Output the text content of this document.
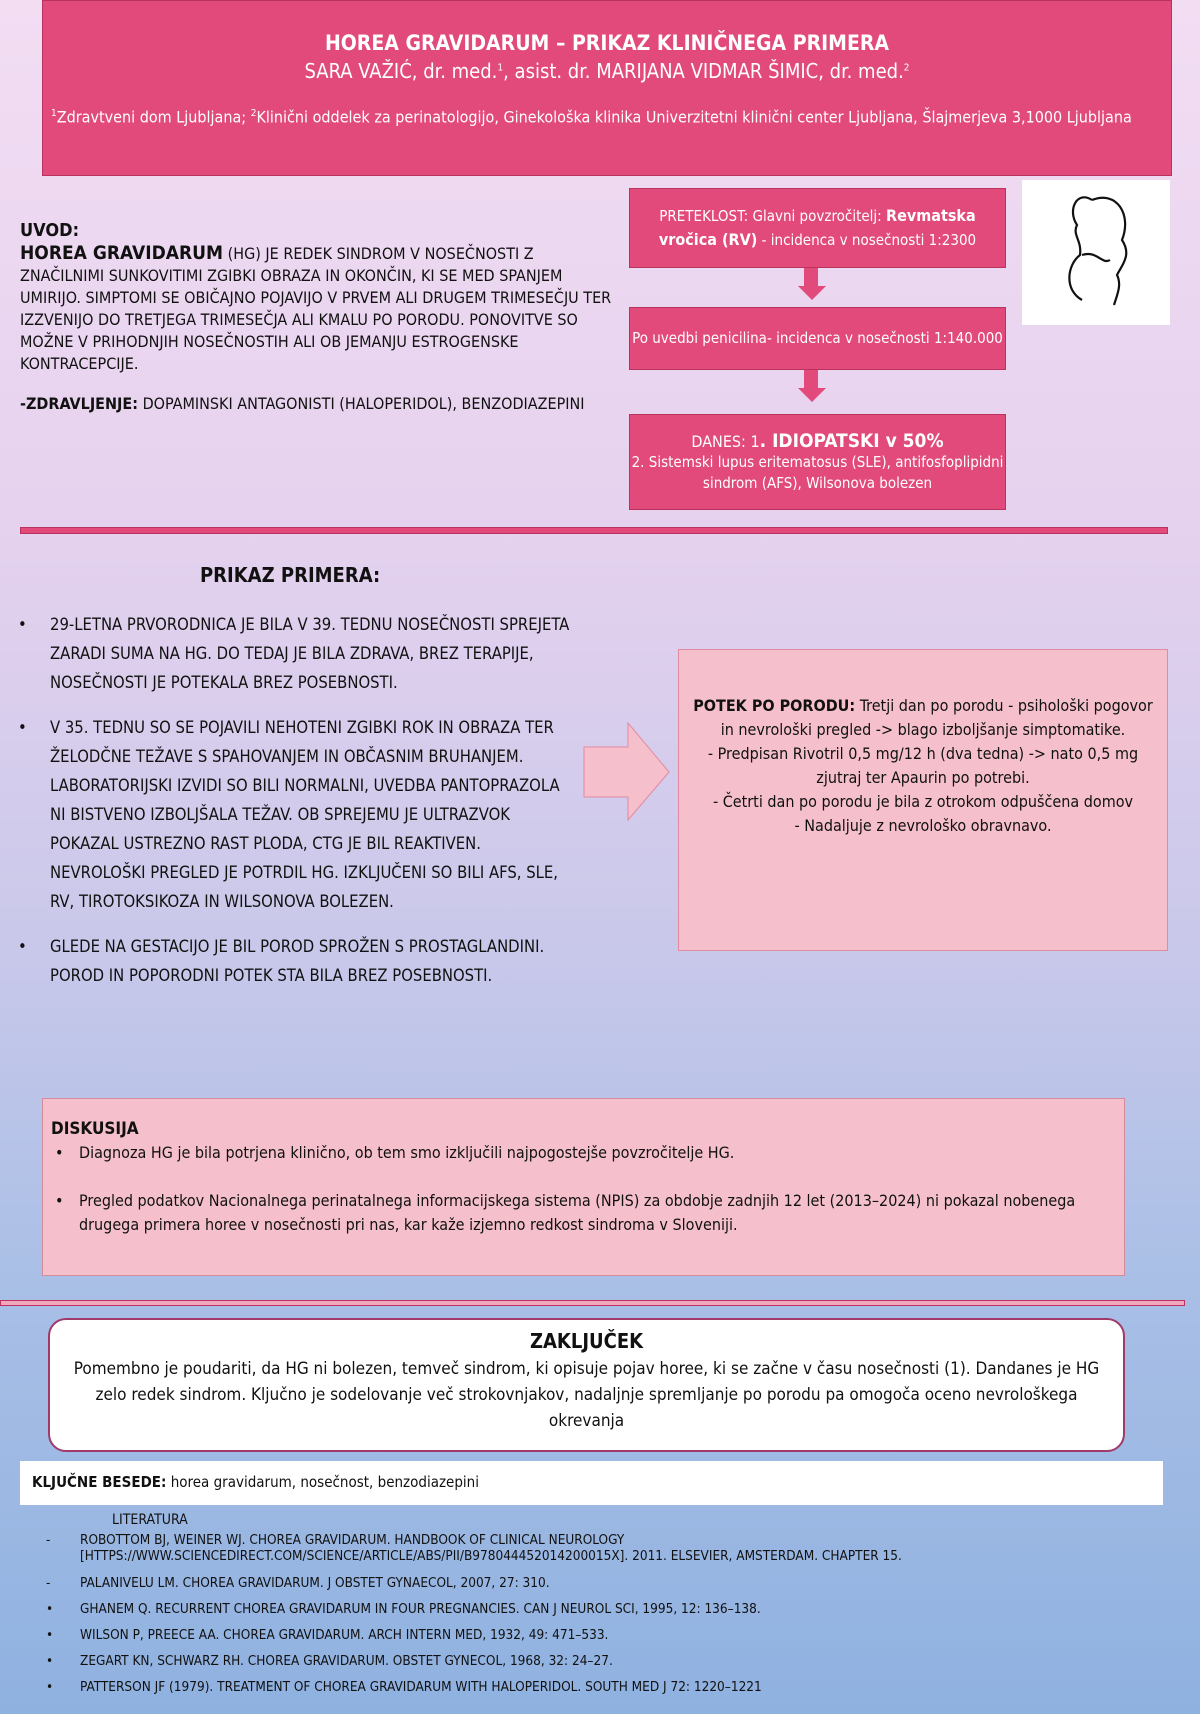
HOREA GRAVIDARUM – PRIKAZ KLINIČNEGA PRIMERA
SARA VAŽIĆ, dr. med.$^1$, asist. dr. MARIJANA VIDMAR ŠIMIC, dr. med.$^2$
$^1$Zdravtveni dom Ljubljana; $^2$Klinični oddelek za perinatologijo, Ginekološka klinika Univerzitetni klinični center Ljubljana, Šlajmerjeva 3,1000 Ljubljana
UVOD:

HOREA GRAVIDARUM (HG) JE REDEK SINDROM V NOSEČNOSTI Z ZNAČILNIMI SUNKOVITIMI ZGIBKI OBRAZA IN OKONČIN, KI SE MED SPANJEM UMIRIJO. SIMPTOMI SE OBIČAJNO POJAVIJO V PRVEM ALI DRUGEM TRIMESEČJU TER IZZVENIJO DO TRETJEGA TRIMESEČJA ALI KMALU PO PORODU. PONOVITVE SO MOŽNE V PRIHODNJIH NOSEČNOSTIH ALI OB JEMANJU ESTROGENSKE KONTRACEPCIJE.

-ZDRAVLJENJE: DOPAMINSKI ANTAGONISTI (HALOPERIDOL), BENZODIAZEPINI

PRETEKLOST: Glavni povzročitelj: Revmatska vročica (RV) - incidenca v nosečnosti 1:2300
Po uvedbi penicilina- incidenca v nosečnosti 1:140.000
DANES: 1. IDIOPATSKI v 50%
2. Sistemski lupus eritematosus (SLE), antifosfoplipidni sindrom (AFS), Wilsonova bolezen
PRIKAZ PRIMERA:
• 29-LETNA PRVORODNICA JE BILA V 39. TEDNU NOSEČNOSTI SPREJETA ZARADI SUMA NA HG. DO TEDAJ JE BILA ZDRAVA, BREZ TERAPIJE, NOSEČNOSTI JE POTEKALA BREZ POSEBNOSTI.
• V 35. TEDNU SO SE POJAVILI NEHOTENI ZGIBKI ROK IN OBRAZA TER ŽELODČNE TEŽAVE S SPAHOVANJEM IN OBČASNIM BRUHANJEM. LABORATORIJSKI IZVIDI SO BILI NORMALNI, UVEDBA PANTOPRAZOLA NI BISTVENO IZBOLJŠALA TEŽAV. OB SPREJEMU JE ULTRAZVOK POKAZAL USTREZNO RAST PLODA, CTG JE BIL REAKTIVEN. NEVROLOŠKI PREGLED JE POTRDIL HG. IZKLJUČENI SO BILI AFS, SLE, RV, TIROTOKSIKOZA IN WILSONOVA BOLEZEN.
• GLEDE NA GESTACIJO JE BIL POROD SPROŽEN S PROSTAGLANDINI. POROD IN POPORODNI POTEK STA BILA BREZ POSEBNOSTI.
POTEK PO PORODU: Tretji dan po porodu - psihološki pogovor in nevrološki pregled -> blago izboljšanje simptomatike.
- Predpisan Rivotril 0,5 mg/12 h (dva tedna) -> nato 0,5 mg zjutraj ter Apaurin po potrebi.
- Četrti dan po porodu je bila z otrokom odpuščena domov
- Nadaljuje z nevrološko obravnavo.
DISKUSIJA
• Diagnoza HG je bila potrjena klinično, ob tem smo izključili najpogostejše povzročitelje HG.
• Pregled podatkov Nacionalnega perinatalnega informacijskega sistema (NPIS) za obdobje zadnjih 12 let (2013–2024) ni pokazal nobenega drugega primera horee v nosečnosti pri nas, kar kaže izjemno redkost sindroma v Sloveniji.
ZAKLJUČEK
Pomembno je poudariti, da HG ni bolezen, temveč sindrom, ki opisuje pojav horee, ki se začne v času nosečnosti (1). Dandanes je HG zelo redek sindrom. Ključno je sodelovanje več strokovnjakov, nadaljnje spremljanje po porodu pa omogoča oceno nevrološkega okrevanja
KLJUČNE BESEDE: horea gravidarum, nosečnost, benzodiazepini
LITERATURA
- ROBOTTOM BJ, WEINER WJ. CHOREA GRAVIDARUM. HANDBOOK OF CLINICAL NEUROLOGY [HTTPS://WWW.SCIENCEDIRECT.COM/SCIENCE/ARTICLE/ABS/PII/B978044452014200015X]. 2011. ELSEVIER, AMSTERDAM. CHAPTER 15.
- PALANIVELU LM. CHOREA GRAVIDARUM. J OBSTET GYNAECOL, 2007, 27: 310.
• GHANEM Q. RECURRENT CHOREA GRAVIDARUM IN FOUR PREGNANCIES. CAN J NEUROL SCI, 1995, 12: 136–138.
• WILSON P, PREECE AA. CHOREA GRAVIDARUM. ARCH INTERN MED, 1932, 49: 471–533.
• ZEGART KN, SCHWARZ RH. CHOREA GRAVIDARUM. OBSTET GYNECOL, 1968, 32: 24–27.
• PATTERSON JF (1979). TREATMENT OF CHOREA GRAVIDARUM WITH HALOPERIDOL. SOUTH MED J 72: 1220–1221
